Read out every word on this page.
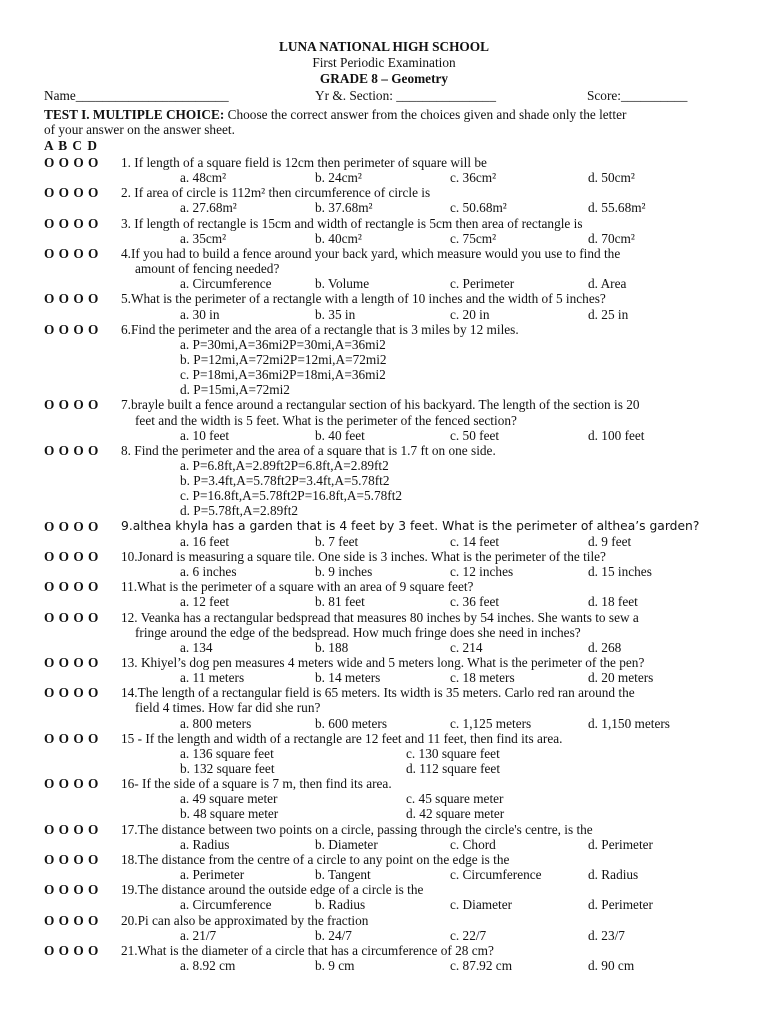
LUNA NATIONAL HIGH SCHOOL
First Periodic Examination
GRADE 8 – Geometry
Name_______________________	Yr &. Section: _______________	Score:__________
TEST I. MULTIPLE CHOICE: Choose the correct answer from the choices given and shade only the letter
of your answer on the answer sheet.
A B C D
O O O O 1. If length of a square field is 12cm then perimeter of square will be
a. 48cm²	b. 24cm²	c. 36cm²	d. 50cm²
O O O O 2. If area of circle is 112m² then circumference of circle is
a. 27.68m²	b. 37.68m²	c. 50.68m²	d. 55.68m²
O O O O 3. If length of rectangle is 15cm and width of rectangle is 5cm then area of rectangle is
a. 35cm²	b. 40cm²	c. 75cm²	d. 70cm²
O O O O 4.If you had to build a fence around your back yard, which measure would you use to find the
amount of fencing needed?
a. Circumference	b. Volume	c. Perimeter	d. Area
O O O O 5.What is the perimeter of a rectangle with a length of 10 inches and the width of 5 inches?
a. 30 in	b. 35 in	c. 20 in	d. 25 in
O O O O 6.Find the perimeter and the area of a rectangle that is 3 miles by 12 miles.
a. P=30mi,A=36mi2P=30mi,A=36mi2
b. P=12mi,A=72mi2P=12mi,A=72mi2
c. P=18mi,A=36mi2P=18mi,A=36mi2
d. P=15mi,A=72mi2
O O O O 7.brayle built a fence around a rectangular section of his backyard. The length of the section is 20
feet and the width is 5 feet. What is the perimeter of the fenced section?
a. 10 feet	b. 40 feet	c. 50 feet	d. 100 feet
O O O O 8. Find the perimeter and the area of a square that is 1.7 ft on one side.
a. P=6.8ft,A=2.89ft2P=6.8ft,A=2.89ft2
b. P=3.4ft,A=5.78ft2P=3.4ft,A=5.78ft2
c. P=16.8ft,A=5.78ft2P=16.8ft,A=5.78ft2
d. P=5.78ft,A=2.89ft2
O O O O 9.althea khyla has a garden that is 4 feet by 3 feet. What is the perimeter of althea’s garden?
a. 16 feet	b. 7 feet	c. 14 feet	d. 9 feet
O O O O 10.Jonard is measuring a square tile. One side is 3 inches. What is the perimeter of the tile?
a. 6 inches	b. 9 inches	c. 12 inches	d. 15 inches
O O O O 11.What is the perimeter of a square with an area of 9 square feet?
a. 12 feet	b. 81 feet	c. 36 feet	d. 18 feet
O O O O 12. Veanka has a rectangular bedspread that measures 80 inches by 54 inches. She wants to sew a
fringe around the edge of the bedspread. How much fringe does she need in inches?
a. 134	b. 188	c. 214	d. 268
O O O O 13. Khiyel’s dog pen measures 4 meters wide and 5 meters long. What is the perimeter of the pen?
a. 11 meters	b. 14 meters	c. 18 meters	d. 20 meters
O O O O 14.The length of a rectangular field is 65 meters. Its width is 35 meters. Carlo red ran around the
field 4 times. How far did she run?
a. 800 meters	b. 600 meters	c. 1,125 meters	d. 1,150 meters
O O O O 15 - If the length and width of a rectangle are 12 feet and 11 feet, then find its area.
a. 136 square feet	c. 130 square feet
b. 132 square feet	d. 112 square feet
O O O O 16- If the side of a square is 7 m, then find its area.
a. 49 square meter	c. 45 square meter
b. 48 square meter	d. 42 square meter
O O O O 17.The distance between two points on a circle, passing through the circle's centre, is the
a. Radius	b. Diameter	c. Chord	d. Perimeter
O O O O 18.The distance from the centre of a circle to any point on the edge is the
a. Perimeter	b. Tangent	c. Circumference	d. Radius
O O O O 19.The distance around the outside edge of a circle is the
a. Circumference	b. Radius	c. Diameter	d. Perimeter
O O O O 20.Pi can also be approximated by the fraction
a. 21/7	b. 24/7	c. 22/7	d. 23/7
O O O O 21.What is the diameter of a circle that has a circumference of 28 cm?
a. 8.92 cm	b. 9 cm	c. 87.92 cm	d. 90 cm
